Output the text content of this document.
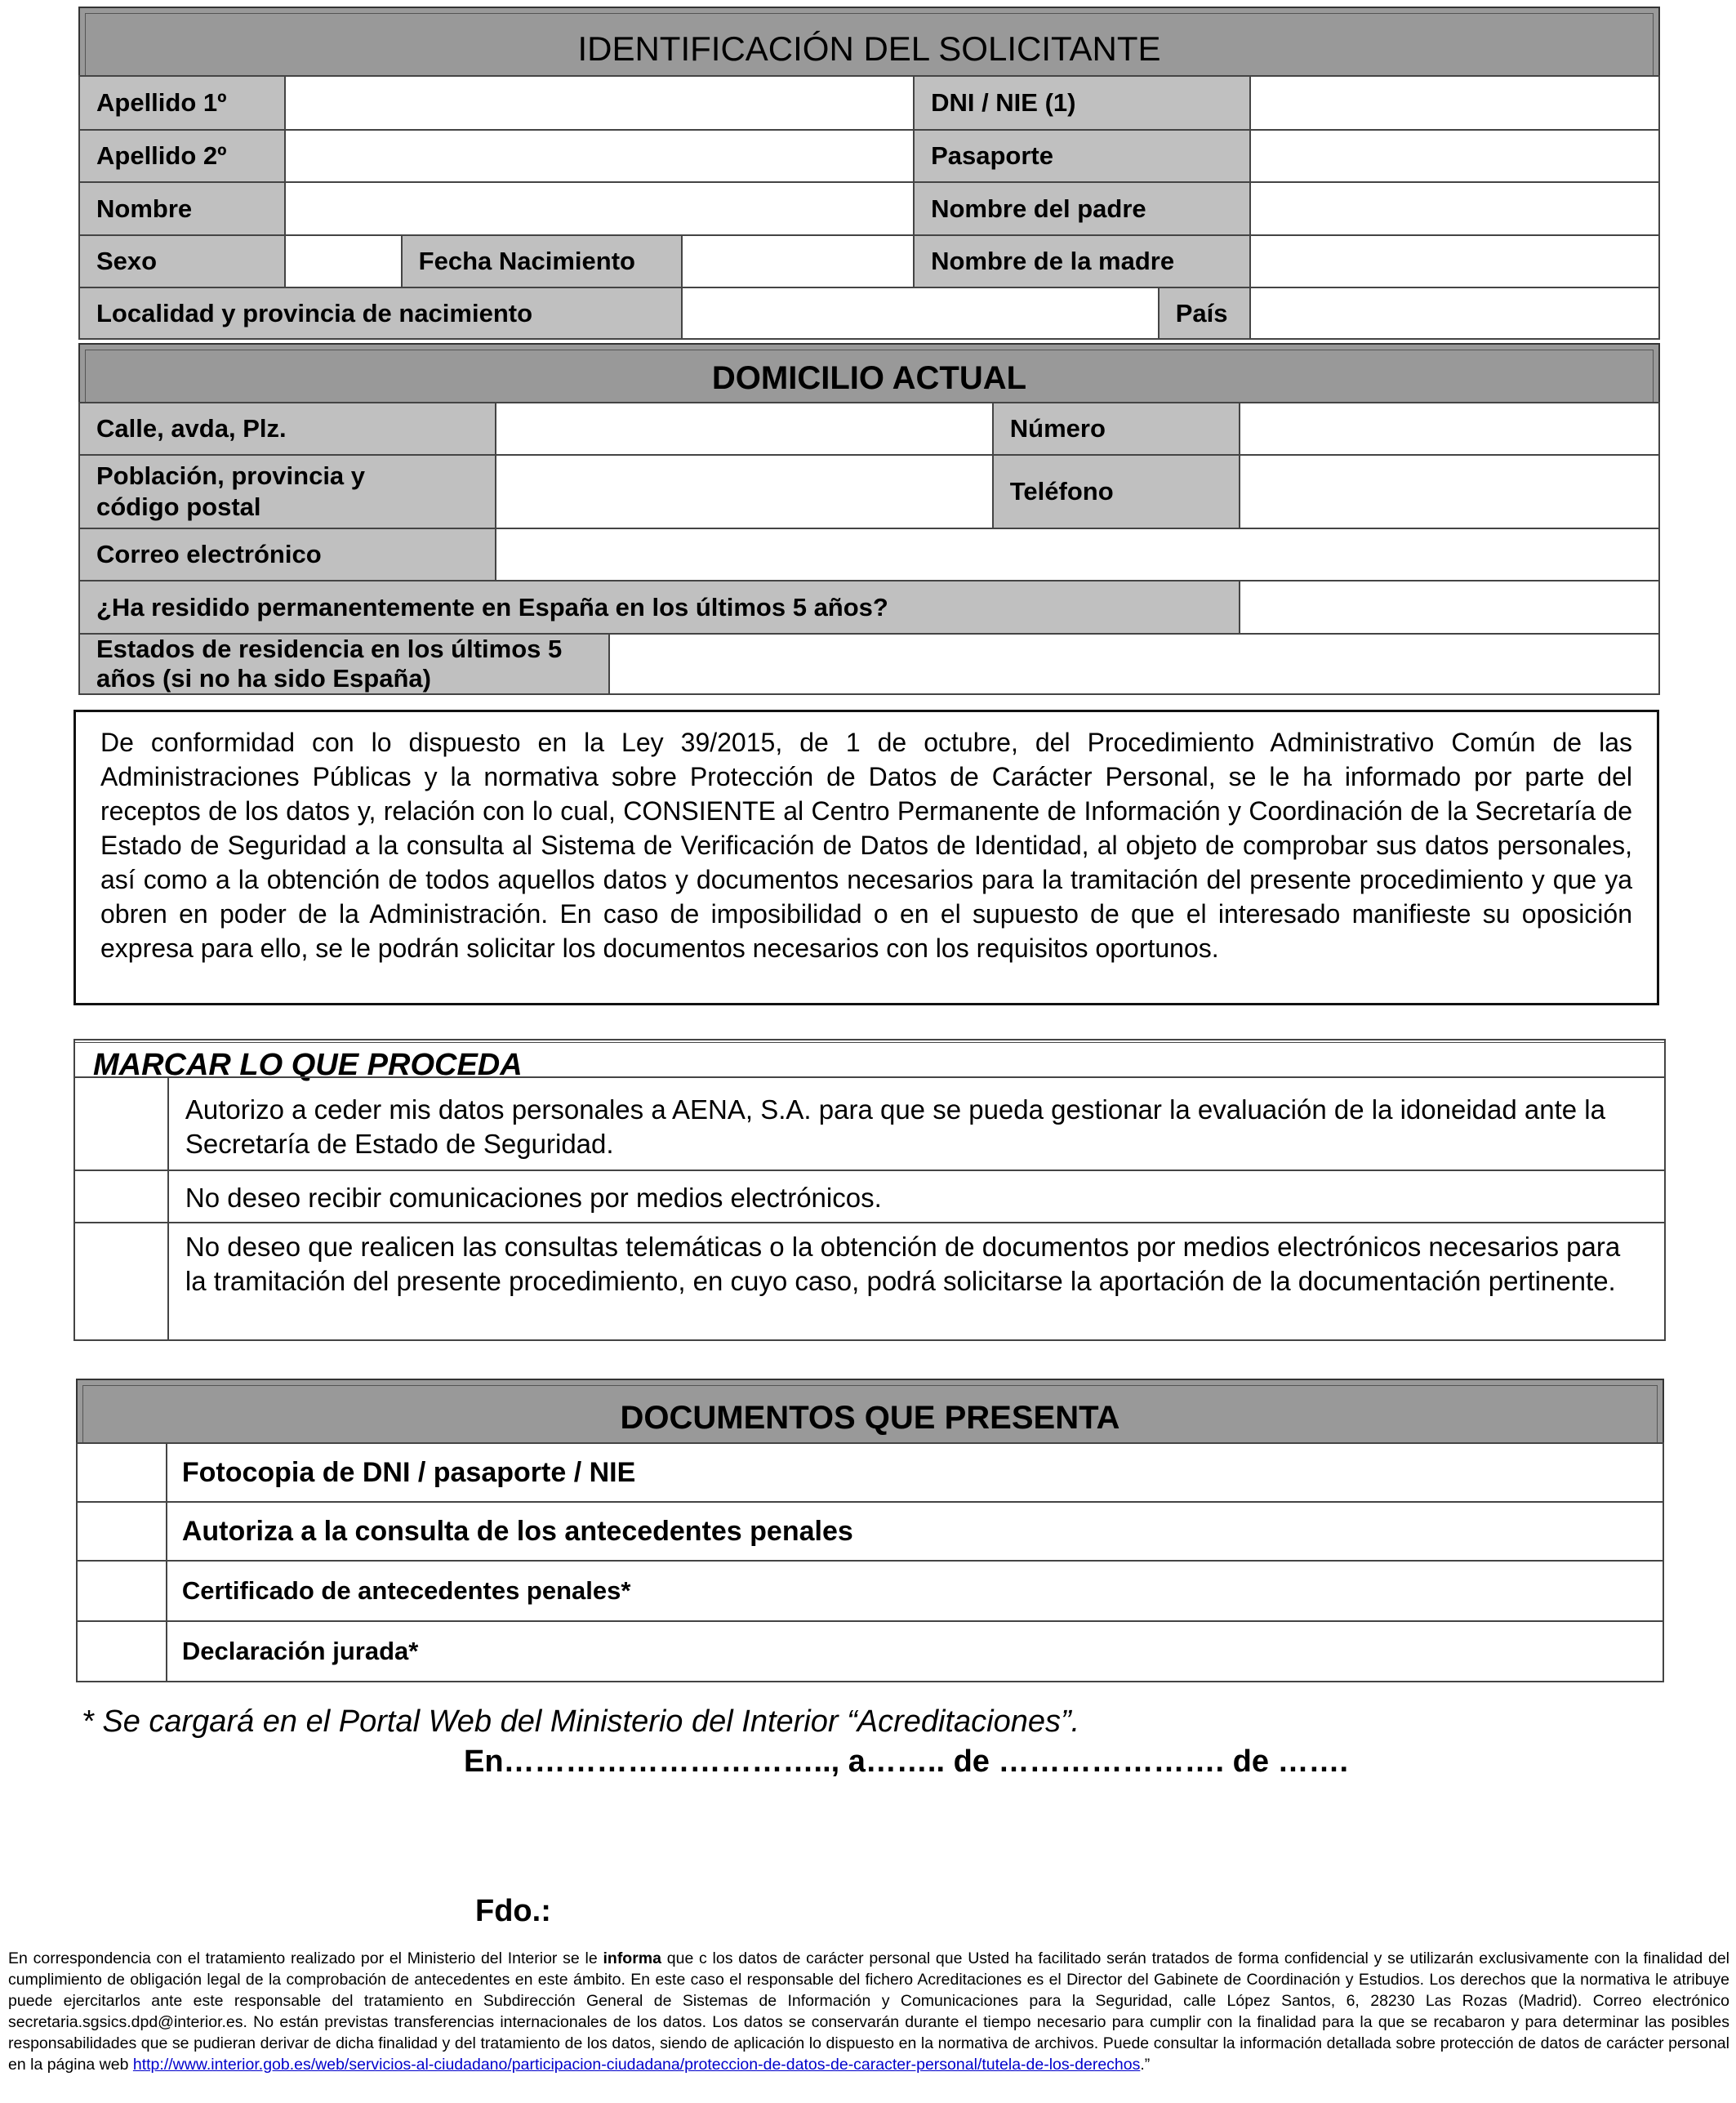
IDENTIFICACIÓN DEL SOLICITANTE
Apellido 1º				DNI / NIE (1)		
Apellido 2º				Pasaporte		
Nombre				Nombre del padre		
Sexo		Fecha Nacimiento		Nombre de la madre		
Localidad y provincia de nacimiento					País	
DOMICILIO ACTUAL
Calle, avda, Plz.			Número	
Población, provincia y
código postal			Teléfono	
Correo electrónico				
¿Ha residido permanentemente en España en los últimos 5 años?				
Estados de residencia en los últimos 5 años (si no ha sido España)				
De conformidad con lo dispuesto en la Ley 39/2015, de 1 de octubre, del Procedimiento Administrativo Común de las Administraciones Públicas y la normativa sobre Protección de Datos de Carácter Personal, se le ha informado por parte del receptos de los datos y, relación con lo cual, CONSIENTE al Centro Permanente de Información y Coordinación de la Secretaría de Estado de Seguridad a la consulta al Sistema de Verificación de Datos de Identidad, al objeto de comprobar sus datos personales, así como a la obtención de todos aquellos datos y documentos necesarios para la tramitación del presente procedimiento y que ya obren en poder de la Administración. En caso de imposibilidad o en el supuesto de que el interesado manifieste su oposición expresa para ello, se le podrán solicitar los documentos necesarios con los requisitos oportunos.
MARCAR LO QUE PROCEDA
	Autorizo a ceder mis datos personales a AENA, S.A. para que se pueda gestionar la evaluación de la idoneidad ante la Secretaría de Estado de Seguridad.
	No deseo recibir comunicaciones por medios electrónicos.
	No deseo que realicen las consultas telemáticas o la obtención de documentos por medios electrónicos necesarios para la tramitación del presente procedimiento, en cuyo caso, podrá solicitarse la aportación de la documentación pertinente.
DOCUMENTOS QUE PRESENTA
	Fotocopia de DNI / pasaporte / NIE
	Autoriza a la consulta de los antecedentes penales
	Certificado de antecedentes penales*
	Declaración jurada*
* Se cargará en el Portal Web del Ministerio del Interior “Acreditaciones”.
En………………………….., a…….. de …………………. de …….
Fdo.:
En correspondencia con el tratamiento realizado por el Ministerio del Interior se le informa que c los datos de carácter personal que Usted ha facilitado serán tratados de forma confidencial y se utilizarán exclusivamente con la finalidad del cumplimiento de obligación legal de la comprobación de antecedentes en este ámbito. En este caso el responsable del fichero Acreditaciones es el Director del Gabinete de Coordinación y Estudios. Los derechos que la normativa le atribuye puede ejercitarlos ante este responsable del tratamiento en Subdirección General de Sistemas de Información y Comunicaciones para la Seguridad, calle López Santos, 6, 28230 Las Rozas (Madrid). Correo electrónico secretaria.sgsics.dpd@interior.es. No están previstas transferencias internacionales de los datos. Los datos se conservarán durante el tiempo necesario para cumplir con la finalidad para la que se recabaron y para determinar las posibles responsabilidades que se pudieran derivar de dicha finalidad y del tratamiento de los datos, siendo de aplicación lo dispuesto en la normativa de archivos. Puede consultar la información detallada sobre protección de datos de carácter personal en la página web http://www.interior.gob.es/web/servicios-al-ciudadano/participacion-ciudadana/proteccion-de-datos-de-caracter-personal/tutela-de-los-derechos.”
